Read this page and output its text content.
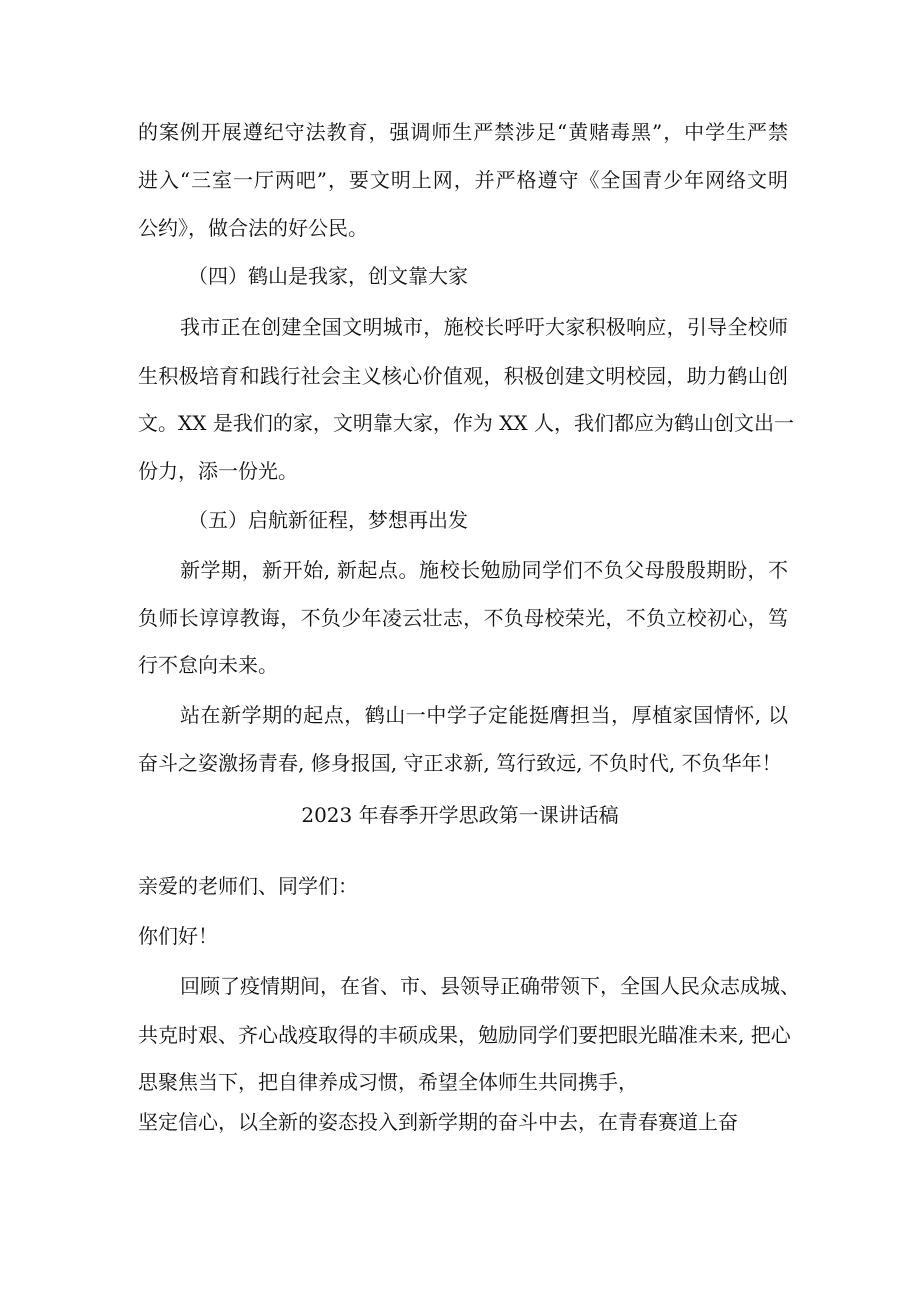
的案例开展遵纪守法教育，强调师生严禁涉足“黄赌毒黑”，中学生严禁
进入“三室一厅两吧”，要文明上网，并严格遵守《全国青少年网络文明
公约》，做合法的好公民。
（四）鹤山是我家，创文靠大家
我市正在创建全国文明城市，施校长呼吁大家积极响应，引导全校师
生积极培育和践行社会主义核心价值观，积极创建文明校园，助力鹤山创
文。XX 是我们的家，文明靠大家，作为 XX 人，我们都应为鹤山创文出一
份力，添一份光。
（五）启航新征程，梦想再出发
新学期，新开始, 新起点。施校长勉励同学们不负父母殷殷期盼，不
负师长谆谆教诲，不负少年凌云壮志，不负母校荣光，不负立校初心，笃
行不怠向未来。
站在新学期的起点，鹤山一中学子定能挺膺担当，厚植家国情怀, 以
奋斗之姿激扬青春, 修身报国, 守正求新, 笃行致远, 不负时代, 不负华年！
2023 年春季开学思政第一课讲话稿
亲爱的老师们、同学们：
你们好！
回顾了疫情期间，在省、市、县领导正确带领下，全国人民众志成城、
共克时艰、齐心战疫取得的丰硕成果，勉励同学们要把眼光瞄准未来, 把心
思聚焦当下，把自律养成习惯，希望全体师生共同携手，
坚定信心，以全新的姿态投入到新学期的奋斗中去，在青春赛道上奋
